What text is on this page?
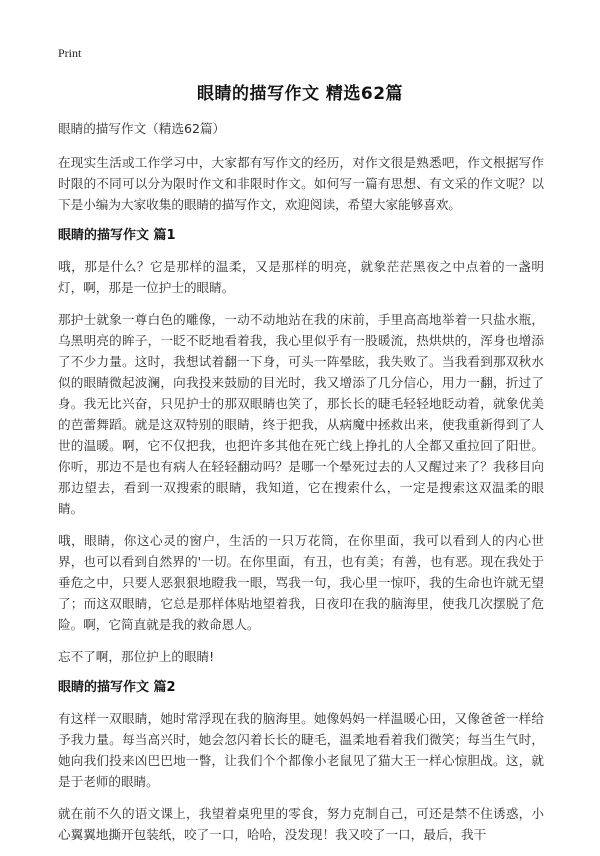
Print
眼睛的描写作文 精选62篇

眼睛的描写作文（精选62篇）

在现实生活或工作学习中，大家都有写作文的经历，对作文很是熟悉吧，作文根据写作时限的不同可以分为限时作文和非限时作文。如何写一篇有思想、有文采的作文呢？以下是小编为大家收集的眼睛的描写作文，欢迎阅读，希望大家能够喜欢。

眼睛的描写作文 篇1

哦，那是什么？它是那样的温柔，又是那样的明亮，就象茫茫黑夜之中点着的一盏明灯，啊，那是一位护士的眼睛。

那护士就象一尊白色的雕像，一动不动地站在我的床前，手里高高地举着一只盐水瓶，乌黑明亮的眸子，一眨不眨地看着我，我心里似乎有一股暖流，热烘烘的，浑身也增添了不少力量。这时，我想试着翻一下身，可头一阵晕眩，我失败了。当我看到那双秋水似的眼睛微起波澜，向我投来鼓励的目光时，我又增添了几分信心，用力一翻，折过了身。我无比兴奋，只见护士的那双眼睛也笑了，那长长的睫毛轻轻地眨动着，就象优美的芭蕾舞蹈。就是这双特别的眼睛，终于把我，从病魔中拯救出来，使我重新得到了人世的温暖。啊，它不仅把我，也把许多其他在死亡线上挣扎的人全都又重拉回了阳世。你听，那边不是也有病人在轻轻翻动吗？是哪一个晕死过去的人又醒过来了？我移目向那边望去，看到一双搜索的眼睛，我知道，它在搜索什么，一定是搜索这双温柔的眼睛。

哦，眼睛，你这心灵的窗户，生活的一只万花筒，在你里面，我可以看到人的内心世界，也可以看到自然界的'一切。在你里面，有丑，也有美；有善，也有恶。现在我处于垂危之中，只要人恶狠狠地瞪我一眼，骂我一句，我心里一惊吓，我的生命也许就无望了；而这双眼睛，它总是那样体贴地望着我，日夜印在我的脑海里，使我几次摆脱了危险。啊，它简直就是我的救命恩人。

忘不了啊，那位护上的眼睛!

眼睛的描写作文 篇2

有这样一双眼睛，她时常浮现在我的脑海里。她像妈妈一样温暖心田，又像爸爸一样给予我力量。每当高兴时，她会忽闪着长长的睫毛，温柔地看着我们微笑；每当生气时，她向我们投来凶巴巴地一瞥，让我们个个都像小老鼠见了猫大王一样心惊胆战。这，就是于老师的眼睛。

就在前不久的语文课上，我望着桌兜里的零食，努力克制自己，可还是禁不住诱惑，小心翼翼地撕开包装纸，咬了一口，哈哈，没发现！我又咬了一口，最后，我干
